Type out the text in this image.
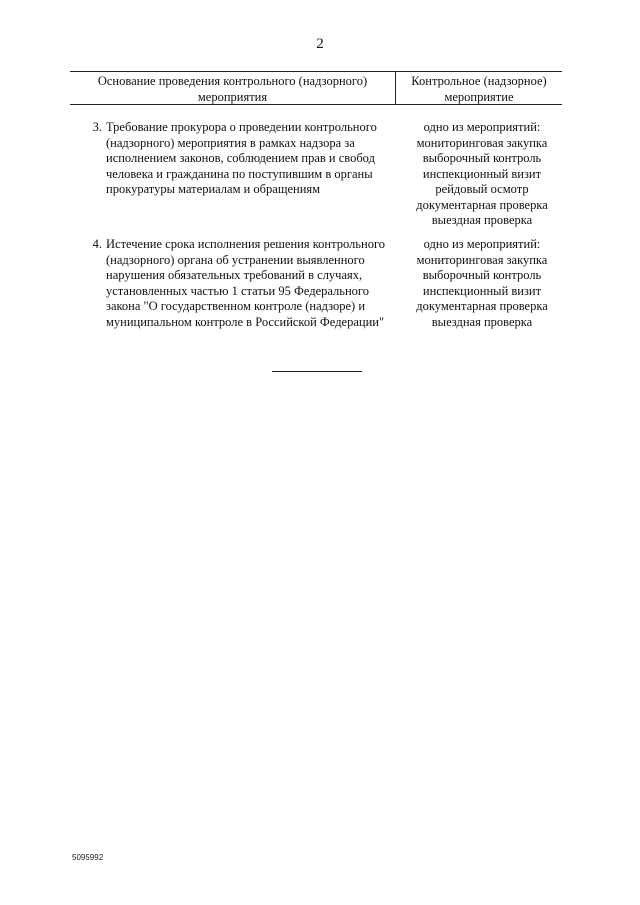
2
Основание проведения контрольного (надзорного)
мероприятия
Контрольное (надзорное)
мероприятие
3. Требование прокурора о проведении контрольного
(надзорного) мероприятия в рамках надзора за
исполнением законов, соблюдением прав и свобод
человека и гражданина по поступившим в органы
прокуратуры материалам и обращениям
одно из мероприятий:
мониторинговая закупка
выборочный контроль
инспекционный визит
рейдовый осмотр
документарная проверка
выездная проверка
4. Истечение срока исполнения решения контрольного
(надзорного) органа об устранении выявленного
нарушения обязательных требований в случаях,
установленных частью 1 статьи 95 Федерального
закона "О государственном контроле (надзоре) и
муниципальном контроле в Российской Федерации"
одно из мероприятий:
мониторинговая закупка
выборочный контроль
инспекционный визит
документарная проверка
выездная проверка
5095992
